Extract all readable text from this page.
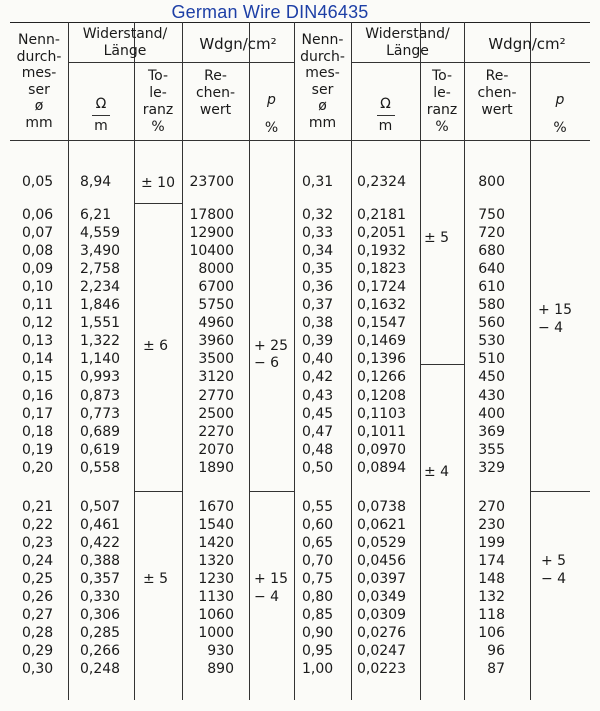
German Wire DIN46435
Nenn-
durch-
mes-
ser
ø
mm
Widerstand/
Länge
Ω
m
To-
le-
ranz
%
Wdgn/cm²
Re-
chen-
wert
p
%
Nenn-
durch-
mes-
ser
ø
mm
Widerstand/
Länge
Ω
m
To-
le-
ranz
%
Wdgn/cm²
Re-
chen-
wert
p
%
0,05
0,06
0,07
0,08
0,09
0,10
0,11
0,12
0,13
0,14
0,15
0,16
0,17
0,18
0,19
0,20
0,21
0,22
0,23
0,24
0,25
0,26
0,27
0,28
0,29
0,30
8,94
6,21
4,559
3,490
2,758
2,234
1,846
1,551
1,322
1,140
0,993
0,873
0,773
0,689
0,619
0,558
0,507
0,461
0,422
0,388
0,357
0,330
0,306
0,285
0,266
0,248
23700
17800
12900
10400
8000
6700
5750
4960
3960
3500
3120
2770
2500
2270
2070
1890
1670
1540
1420
1320
1230
1130
1060
1000
930
890
0,31
0,32
0,33
0,34
0,35
0,36
0,37
0,38
0,39
0,40
0,42
0,43
0,45
0,47
0,48
0,50
0,55
0,60
0,65
0,70
0,75
0,80
0,85
0,90
0,95
1,00
0,2324
0,2181
0,2051
0,1932
0,1823
0,1724
0,1632
0,1547
0,1469
0,1396
0,1266
0,1208
0,1103
0,1011
0,0970
0,0894
0,0738
0,0621
0,0529
0,0456
0,0397
0,0349
0,0309
0,0276
0,0247
0,0223
800
750
720
680
640
610
580
560
530
510
450
430
400
369
355
329
270
230
199
174
148
132
118
106
96
87
± 10
± 6
± 5
+ 25
− 6
+ 15
− 4
± 5
± 4
+ 15
− 4
+ 5
− 4
